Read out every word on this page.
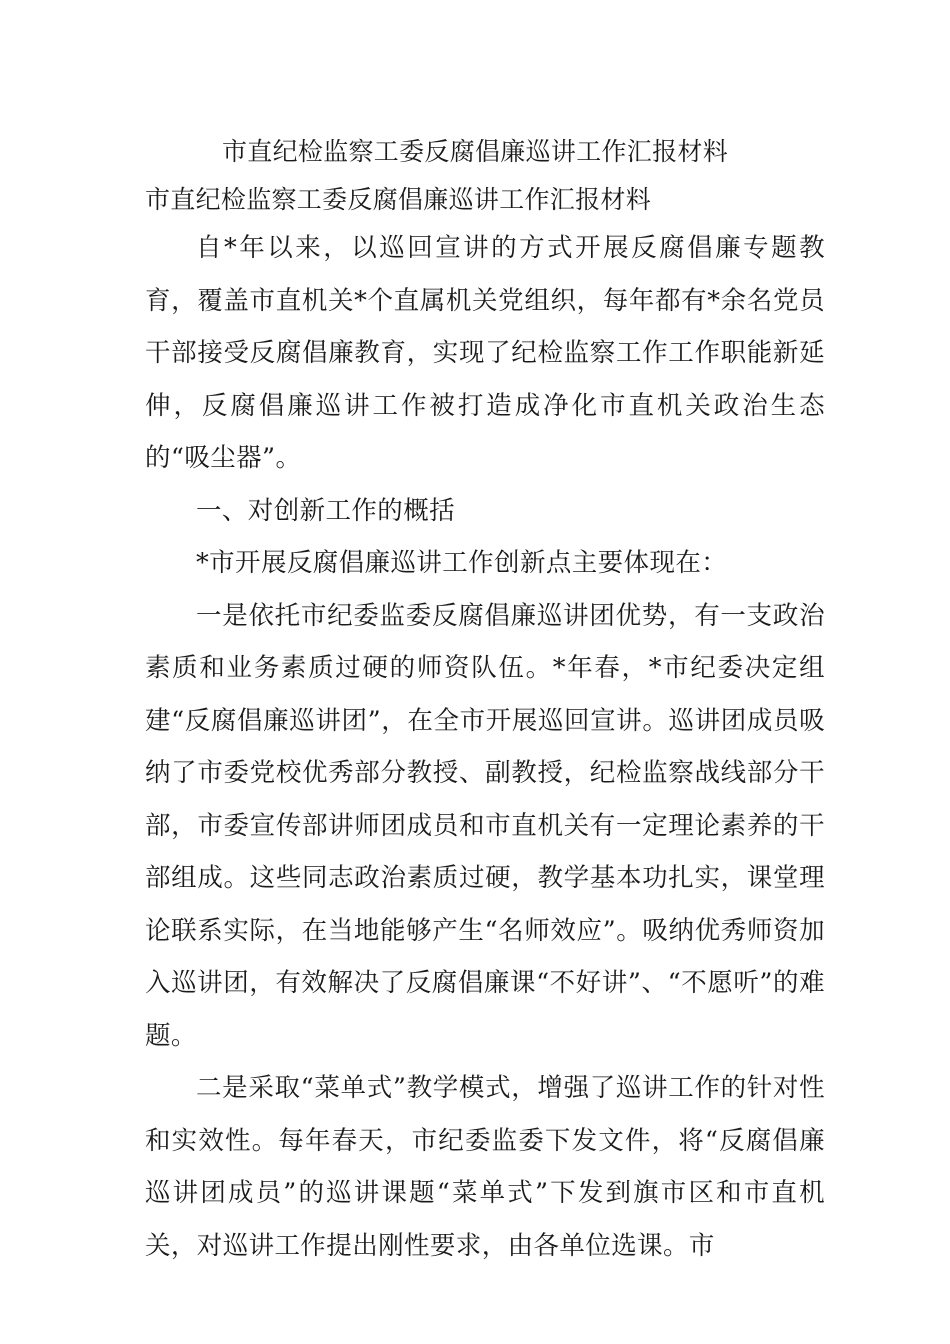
市直纪检监察工委反腐倡廉巡讲工作汇报材料
市直纪检监察工委反腐倡廉巡讲工作汇报材料

自*年以来，以巡回宣讲的方式开展反腐倡廉专题教育，覆盖市直机关*个直属机关党组织，每年都有*余名党员干部接受反腐倡廉教育，实现了纪检监察工作工作职能新延伸，反腐倡廉巡讲工作被打造成净化市直机关政治生态的“吸尘器”。

一、对创新工作的概括

*市开展反腐倡廉巡讲工作创新点主要体现在：

一是依托市纪委监委反腐倡廉巡讲团优势，有一支政治素质和业务素质过硬的师资队伍。*年春，*市纪委决定组建“反腐倡廉巡讲团”，在全市开展巡回宣讲。巡讲团成员吸纳了市委党校优秀部分教授、副教授，纪检监察战线部分干部，市委宣传部讲师团成员和市直机关有一定理论素养的干部组成。这些同志政治素质过硬，教学基本功扎实，课堂理论联系实际，在当地能够产生“名师效应”。吸纳优秀师资加入巡讲团，有效解决了反腐倡廉课“不好讲”、“不愿听”的难题。

二是采取“菜单式”教学模式，增强了巡讲工作的针对性和实效性。每年春天，市纪委监委下发文件，将“反腐倡廉巡讲团成员”的巡讲课题“菜单式”下发到旗市区和市直机关，对巡讲工作提出刚性要求，由各单位选课。市
